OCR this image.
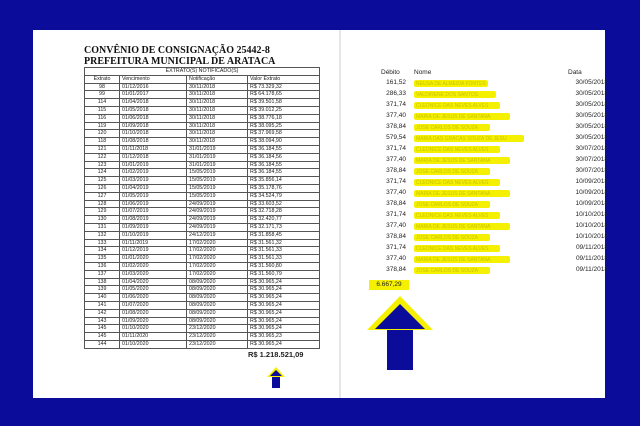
CONVÊNIO DE CONSIGNAÇÃO 25442-8
PREFEITURA MUNICIPAL DE ARATACA
EXTRATO(S) NOTIFICADO(S)			
Extrato	Vencimento	Notificação	Valor Extrato
98	01/12/2016	30/11/2018	R$ 73.329,32
99	01/01/2017	30/11/2018	R$ 64.178,65
114	01/04/2018	30/11/2018	R$ 39.501,58
115	01/05/2018	30/11/2018	R$ 39.012,25
116	01/06/2018	30/11/2018	R$ 38.776,18
119	01/09/2018	30/11/2018	R$ 38.095,25
120	01/10/2018	30/11/2018	R$ 37.969,58
118	01/08/2018	30/11/2018	R$ 38.094,90
121	01/11/2018	31/01/2019	R$ 36.184,55
122	01/12/2018	31/01/2019	R$ 36.184,56
123	01/01/2019	31/01/2019	R$ 36.184,55
124	01/02/2019	15/05/2019	R$ 36.184,55
125	01/03/2019	15/05/2019	R$ 35.856,14
126	01/04/2019	15/05/2019	R$ 35.178,76
127	01/05/2019	15/05/2019	R$ 34.524,79
128	01/06/2019	24/09/2019	R$ 33.603,52
129	01/07/2019	24/09/2019	R$ 32.718,28
130	01/08/2019	24/09/2019	R$ 32.420,77
131	01/09/2019	24/09/2019	R$ 32.171,73
132	01/10/2019	24/12/2019	R$ 31.858,45
133	01/11/2019	17/02/2020	R$ 31.561,32
134	01/12/2019	17/02/2020	R$ 31.561,33
135	01/01/2020	17/02/2020	R$ 31.561,33
136	01/02/2020	17/02/2020	R$ 31.560,80
137	01/03/2020	17/02/2020	R$ 31.560,79
138	01/04/2020	08/09/2020	R$ 30.965,24
139	01/05/2020	08/09/2020	R$ 30.965,24
140	01/06/2020	08/09/2020	R$ 30.965,24
141	01/07/2020	08/09/2020	R$ 30.965,24
142	01/08/2020	08/09/2020	R$ 30.965,24
143	01/09/2020	08/09/2020	R$ 30.965,24
145	01/10/2020	23/12/2020	R$ 30.965,24
145	01/11/2020	23/12/2020	R$ 30.965,23
144	01/10/2020	23/12/2020	R$ 30.965,24
R$ 1.218.521,09
Débito Nome	Data
161,52	NEUSA DE ALMEIDA FONTES	30/05/2018
286,33	VALDIRENE DOS SANTOS	30/05/2018
371,74	CLEONICE DAS NEVES ALVES	30/05/2018
377,40	MARIA DE JESUS DE SANTANA	30/05/2018
378,84	JOSE CARLOS DE SOUZA	30/05/2018
579,54	MARIA DAS GRACAS SOUZA DE JESU	30/05/2018
371,74	CLEONICE DAS NEVES ALVES	30/07/2018
377,40	MARIA DE JESUS DE SANTANA	30/07/2018
378,84	JOSE CARLOS DE SOUZA	30/07/2018
371,74	CLEONICE DAS NEVES ALVES	10/09/2018
377,40	MARIA DE JESUS DE SANTANA	10/09/2018
378,84	JOSE CARLOS DE SOUZA	10/09/2018
371,74	CLEONICE DAS NEVES ALVES	10/10/2018
377,40	MARIA DE JESUS DE SANTANA	10/10/2018
378,84	JOSE CARLOS DE SOUZA	10/10/2018
371,74	CLEONICE DAS NEVES ALVES	09/11/2018
377,40	MARIA DE JESUS DE SANTANA	09/11/2018
378,84	JOSE CARLOS DE SOUZA	09/11/2018
6.667,29
